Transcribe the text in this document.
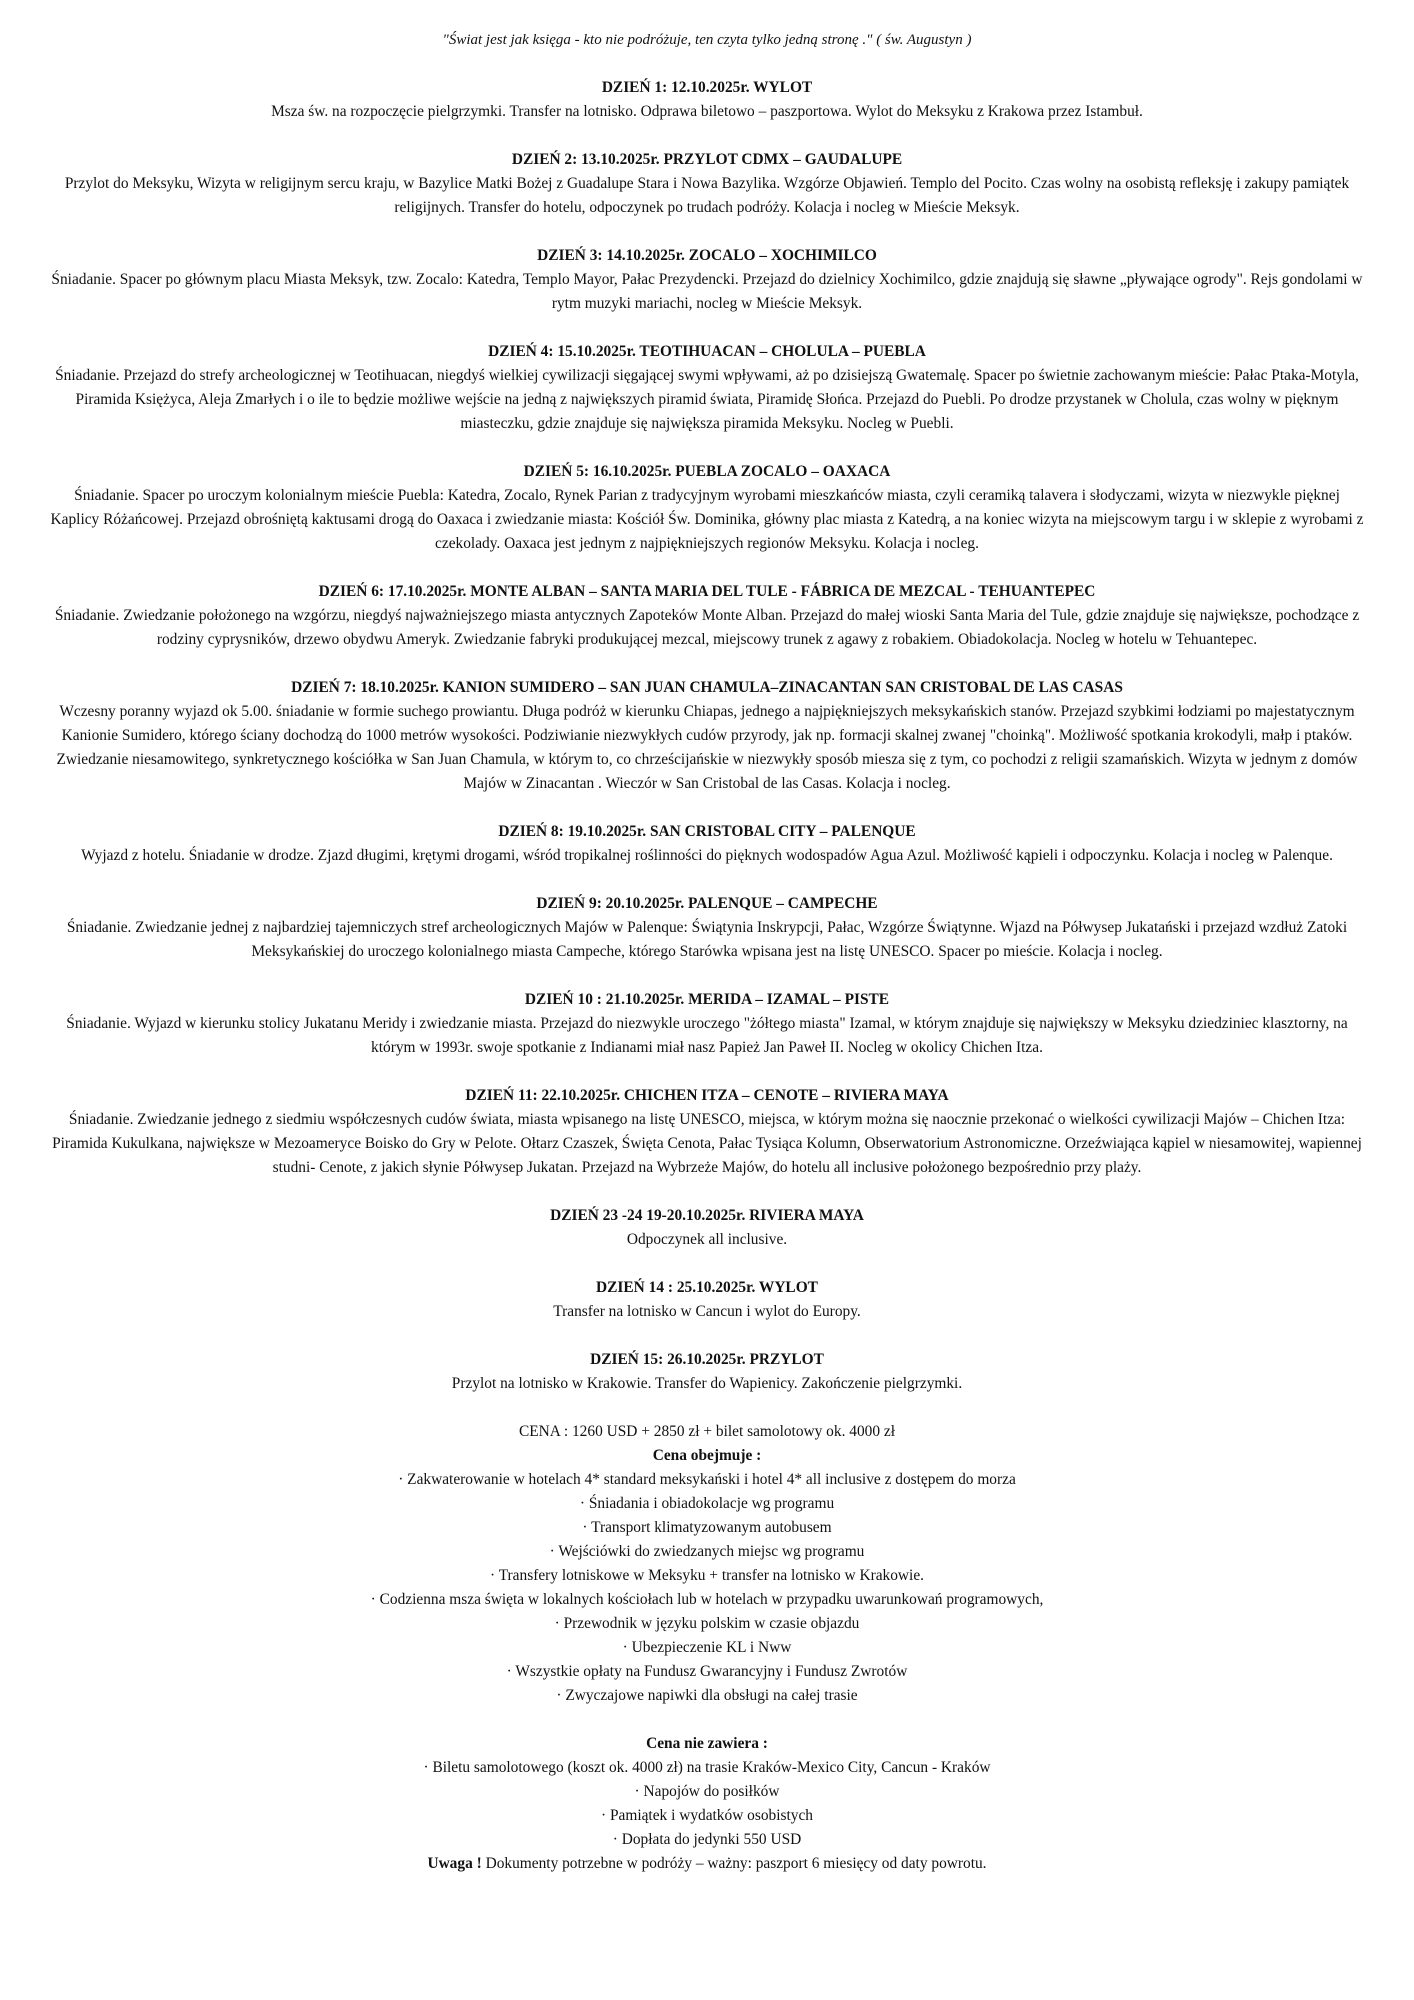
"Świat jest jak księga - kto nie podróżuje, ten czyta tylko jedną stronę ." ( św. Augustyn )

DZIEŃ 1: 12.10.2025r. WYLOT

Msza św. na rozpoczęcie pielgrzymki. Transfer na lotnisko. Odprawa biletowo – paszportowa. Wylot do Meksyku z Krakowa przez Istambuł.

DZIEŃ 2: 13.10.2025r. PRZYLOT CDMX – GAUDALUPE

Przylot do Meksyku, Wizyta w religijnym sercu kraju, w Bazylice Matki Bożej z Guadalupe Stara i Nowa Bazylika. Wzgórze Objawień. Templo del Pocito. Czas wolny na osobistą refleksję i zakupy pamiątek religijnych. Transfer do hotelu, odpoczynek po trudach podróży. Kolacja i nocleg w Mieście Meksyk.

DZIEŃ 3: 14.10.2025r. ZOCALO – XOCHIMILCO

Śniadanie. Spacer po głównym placu Miasta Meksyk, tzw. Zocalo: Katedra, Templo Mayor, Pałac Prezydencki. Przejazd do dzielnicy Xochimilco, gdzie znajdują się sławne „pływające ogrody". Rejs gondolami w rytm muzyki mariachi, nocleg w Mieście Meksyk.

DZIEŃ 4: 15.10.2025r. TEOTIHUACAN – CHOLULA – PUEBLA

Śniadanie. Przejazd do strefy archeologicznej w Teotihuacan, niegdyś wielkiej cywilizacji sięgającej swymi wpływami, aż po dzisiejszą Gwatemalę. Spacer po świetnie zachowanym mieście: Pałac Ptaka-Motyla, Piramida Księżyca, Aleja Zmarłych i o ile to będzie możliwe wejście na jedną z największych piramid świata, Piramidę Słońca. Przejazd do Puebli. Po drodze przystanek w Cholula, czas wolny w pięknym miasteczku, gdzie znajduje się największa piramida Meksyku. Nocleg w Puebli.

DZIEŃ 5: 16.10.2025r. PUEBLA ZOCALO – OAXACA

Śniadanie. Spacer po uroczym kolonialnym mieście Puebla: Katedra, Zocalo, Rynek Parian z tradycyjnym wyrobami mieszkańców miasta, czyli ceramiką talavera i słodyczami, wizyta w niezwykle pięknej Kaplicy Różańcowej. Przejazd obrośniętą kaktusami drogą do Oaxaca i zwiedzanie miasta: Kościół Św. Dominika, główny plac miasta z Katedrą, a na koniec wizyta na miejscowym targu i w sklepie z wyrobami z czekolady. Oaxaca jest jednym z najpiękniejszych regionów Meksyku. Kolacja i nocleg.

DZIEŃ 6: 17.10.2025r. MONTE ALBAN – SANTA MARIA DEL TULE - FÁBRICA DE MEZCAL - TEHUANTEPEC

Śniadanie. Zwiedzanie położonego na wzgórzu, niegdyś najważniejszego miasta antycznych Zapoteków Monte Alban. Przejazd do małej wioski Santa Maria del Tule, gdzie znajduje się największe, pochodzące z rodziny cyprysników, drzewo obydwu Ameryk. Zwiedzanie fabryki produkującej mezcal, miejscowy trunek z agawy z robakiem. Obiadokolacja. Nocleg w hotelu w Tehuantepec.

DZIEŃ 7: 18.10.2025r. KANION SUMIDERO – SAN JUAN CHAMULA–ZINACANTAN SAN CRISTOBAL DE LAS CASAS

Wczesny poranny wyjazd ok 5.00. śniadanie w formie suchego prowiantu. Długa podróż w kierunku Chiapas, jednego a najpiękniejszych meksykańskich stanów. Przejazd szybkimi łodziami po majestatycznym Kanionie Sumidero, którego ściany dochodzą do 1000 metrów wysokości. Podziwianie niezwykłych cudów przyrody, jak np. formacji skalnej zwanej "choinką". Możliwość spotkania krokodyli, małp i ptaków. Zwiedzanie niesamowitego, synkretycznego kościółka w San Juan Chamula, w którym to, co chrześcijańskie w niezwykły sposób miesza się z tym, co pochodzi z religii szamańskich. Wizyta w jednym z domów Majów w Zinacantan . Wieczór w San Cristobal de las Casas. Kolacja i nocleg.

DZIEŃ 8: 19.10.2025r. SAN CRISTOBAL CITY – PALENQUE

Wyjazd z hotelu. Śniadanie w drodze. Zjazd długimi, krętymi drogami, wśród tropikalnej roślinności do pięknych wodospadów Agua Azul. Możliwość kąpieli i odpoczynku. Kolacja i nocleg w Palenque.

DZIEŃ 9: 20.10.2025r. PALENQUE – CAMPECHE

Śniadanie. Zwiedzanie jednej z najbardziej tajemniczych stref archeologicznych Majów w Palenque: Świątynia Inskrypcji, Pałac, Wzgórze Świątynne. Wjazd na Półwysep Jukatański i przejazd wzdłuż Zatoki Meksykańskiej do uroczego kolonialnego miasta Campeche, którego Starówka wpisana jest na listę UNESCO. Spacer po mieście. Kolacja i nocleg.

DZIEŃ 10 : 21.10.2025r. MERIDA – IZAMAL – PISTE

Śniadanie. Wyjazd w kierunku stolicy Jukatanu Meridy i zwiedzanie miasta. Przejazd do niezwykle uroczego "żółtego miasta" Izamal, w którym znajduje się największy w Meksyku dziedziniec klasztorny, na którym w 1993r. swoje spotkanie z Indianami miał nasz Papież Jan Paweł II. Nocleg w okolicy Chichen Itza.

DZIEŃ 11: 22.10.2025r. CHICHEN ITZA – CENOTE – RIVIERA MAYA

Śniadanie. Zwiedzanie jednego z siedmiu współczesnych cudów świata, miasta wpisanego na listę UNESCO, miejsca, w którym można się naocznie przekonać o wielkości cywilizacji Majów – Chichen Itza: Piramida Kukulkana, największe w Mezoameryce Boisko do Gry w Pelote. Ołtarz Czaszek, Święta Cenota, Pałac Tysiąca Kolumn, Obserwatorium Astronomiczne. Orzeźwiająca kąpiel w niesamowitej, wapiennej studni- Cenote, z jakich słynie Półwysep Jukatan. Przejazd na Wybrzeże Majów, do hotelu all inclusive położonego bezpośrednio przy plaży.

DZIEŃ 23 -24 19-20.10.2025r. RIVIERA MAYA

Odpoczynek all inclusive.

DZIEŃ 14 : 25.10.2025r. WYLOT

Transfer na lotnisko w Cancun i wylot do Europy.

DZIEŃ 15: 26.10.2025r. PRZYLOT

Przylot na lotnisko w Krakowie. Transfer do Wapienicy. Zakończenie pielgrzymki.

CENA : 1260 USD + 2850 zł + bilet samolotowy ok. 4000 zł

Cena obejmuje :
· Zakwaterowanie w hotelach 4* standard meksykański i hotel 4* all inclusive z dostępem do morza
· Śniadania i obiadokolacje wg programu
· Transport klimatyzowanym autobusem
· Wejściówki do zwiedzanych miejsc wg programu
· Transfery lotniskowe w Meksyku + transfer na lotnisko w Krakowie.
· Codzienna msza święta w lokalnych kościołach lub w hotelach w przypadku uwarunkowań programowych,
· Przewodnik w języku polskim w czasie objazdu
· Ubezpieczenie KL i Nww
· Wszystkie opłaty na Fundusz Gwarancyjny i Fundusz Zwrotów
· Zwyczajowe napiwki dla obsługi na całej trasie
Cena nie zawiera :
· Biletu samolotowego (koszt ok. 4000 zł) na trasie Kraków-Mexico City, Cancun - Kraków
· Napojów do posiłków
· Pamiątek i wydatków osobistych
· Dopłata do jedynki 550 USD

Uwaga ! Dokumenty potrzebne w podróży – ważny: paszport 6 miesięcy od daty powrotu.
